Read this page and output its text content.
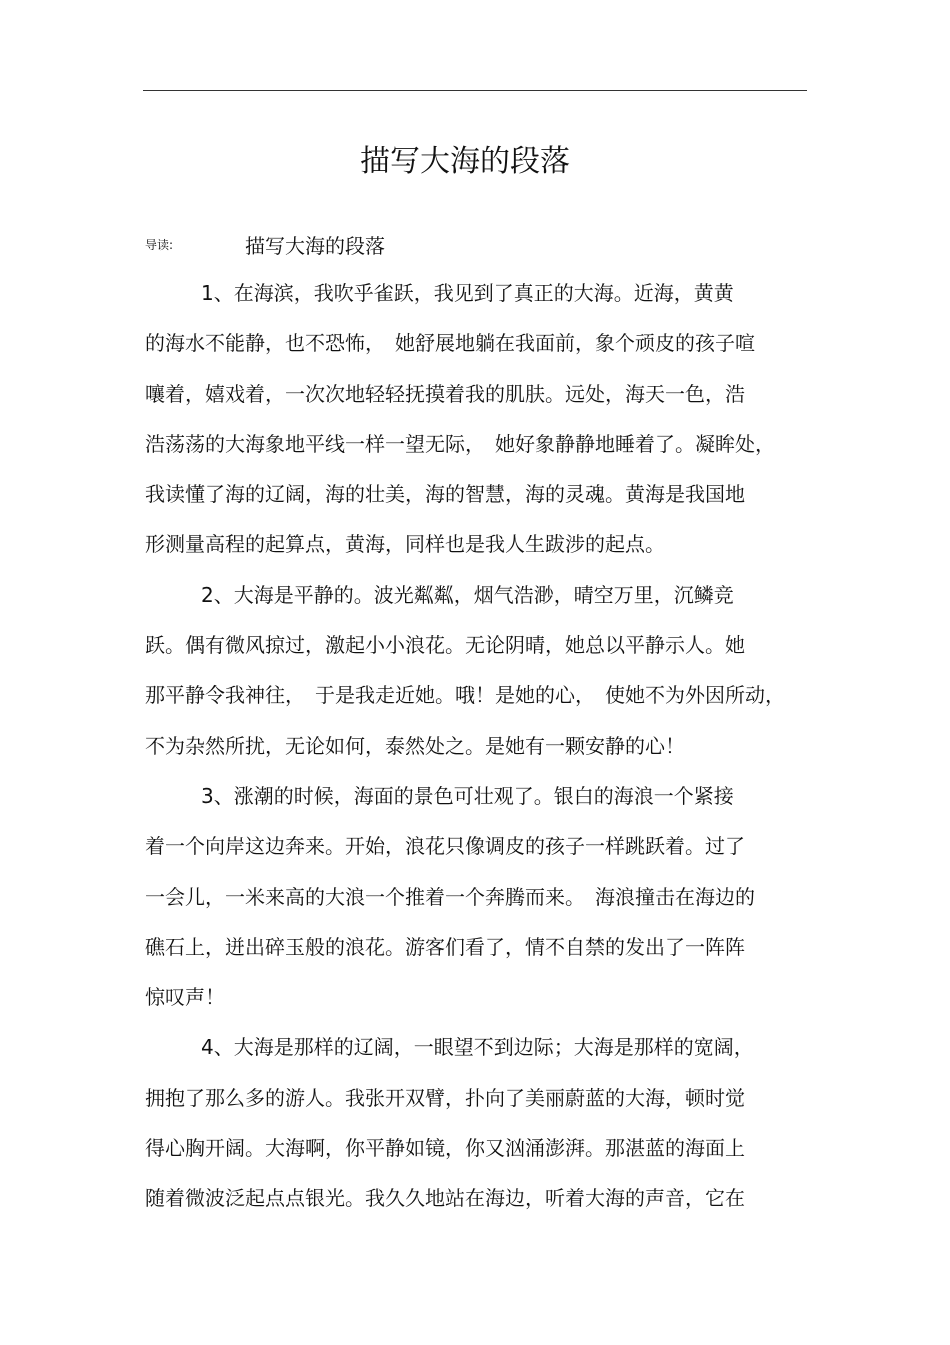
描写大海的段落
导读:	描写大海的段落
1、在海滨，我吹乎雀跃，我见到了真正的大海。近海，黄黄
的海水不能静，也不恐怖，　她舒展地躺在我面前，象个顽皮的孩子喧
嚷着，嬉戏着，一次次地轻轻抚摸着我的肌肤。远处，海天一色，浩
浩荡荡的大海象地平线一样一望无际，　她好象静静地睡着了。凝眸处，
我读懂了海的辽阔，海的壮美，海的智慧，海的灵魂。黄海是我国地
形测量高程的起算点，黄海，同样也是我人生跋涉的起点。
2、大海是平静的。波光粼粼，烟气浩渺，晴空万里，沉鳞竞
跃。偶有微风掠过，激起小小浪花。无论阴晴，她总以平静示人。她
那平静令我神往，　于是我走近她。哦！是她的心，　使她不为外因所动，
不为杂然所扰，无论如何，泰然处之。是她有一颗安静的心！
3、涨潮的时候，海面的景色可壮观了。银白的海浪一个紧接
着一个向岸这边奔来。开始，浪花只像调皮的孩子一样跳跃着。过了
一会儿，一米来高的大浪一个推着一个奔腾而来。　海浪撞击在海边的
礁石上，迸出碎玉般的浪花。游客们看了，情不自禁的发出了一阵阵
惊叹声！
4、大海是那样的辽阔，一眼望不到边际；大海是那样的宽阔，
拥抱了那么多的游人。我张开双臂，扑向了美丽蔚蓝的大海，顿时觉
得心胸开阔。大海啊，你平静如镜，你又汹涌澎湃。那湛蓝的海面上
随着微波泛起点点银光。我久久地站在海边，听着大海的声音，它在
